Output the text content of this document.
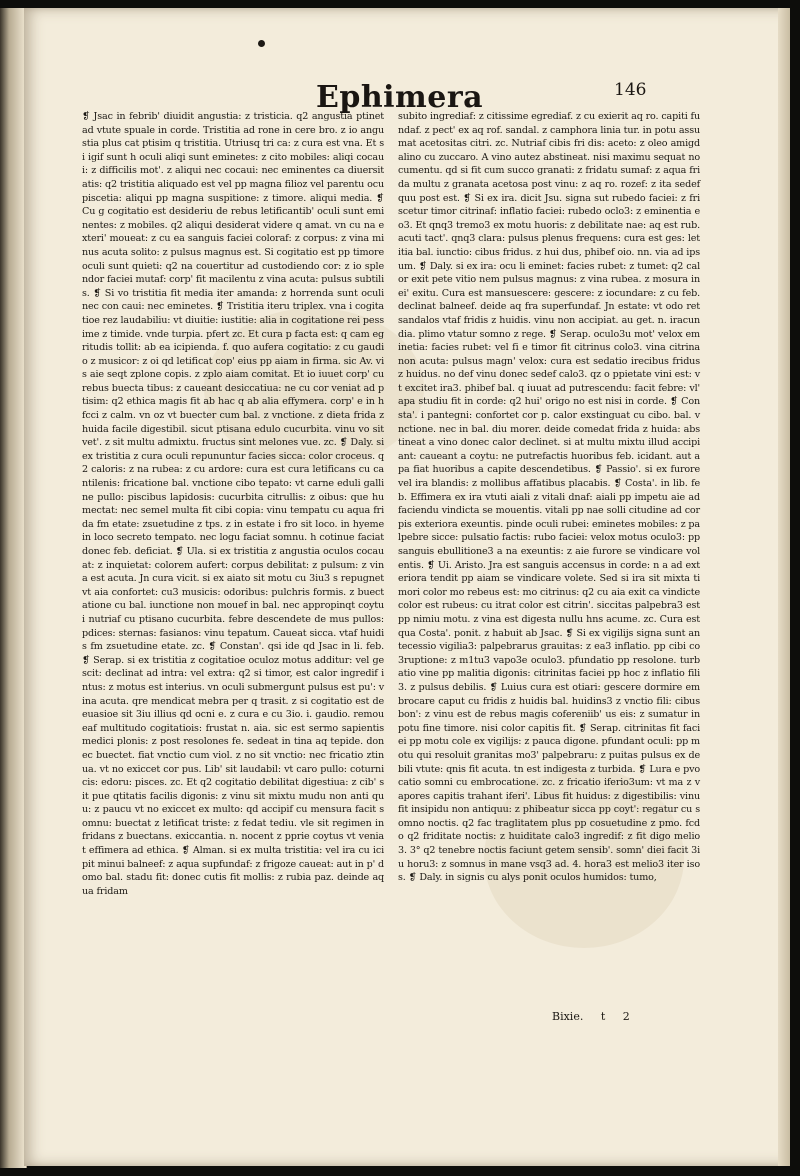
Ephimera	146
❡ Jsac in febrib' diuidit angustia: z tristicia. q2 angustia ptinet ad vtute spuale in corde. Tristitia ad rone in cere bro. z io angustia plus cat ptisim q tristitia. Utriusq tri ca: z cura est vna. Et si igif sunt h oculi aliqi sunt eminetes: z cito mobiles: aliqi cocaui: z difficilis mot'. z aliqui nec cocaui: nec eminentes ca diuersitatis: q2 tristitia aliquado est vel pp magna filioz vel parentu ocupiscetia: aliqui pp magna suspitione: z timore. aliqui media. ❡ Cu g cogitatio est desideriu de rebus letificantib' oculi sunt eminentes: z mobiles. q2 aliqui desiderat videre q amat. vn cu na exteri' moueat: z cu ea sanguis faciei coloraf: z corpus: z vina minus acuta solito: z pulsus magnus est. Si cogitatio est pp timore oculi sunt quieti: q2 na couertitur ad custodiendo cor: z io splendor faciei mutaf: corp' fit macilentu z vina acuta: pulsus subtilis. ❡ Si vo tristitia fit media iter amanda: z horrenda sunt oculi nec con caui: nec eminetes. ❡ Tristitia iteru triplex. vna i cogitatioe rez laudabiliu: vt diuitie: iustitie: alia in cogitatione rei pessime z timide. vnde turpia. pfert zc. Et cura p facta est: q cam egritudis tollit: ab ea icipienda. f. quo aufera cogitatio: z cu gaudio z musicor: z oi qd letificat cop' eius pp aiam in firma. sic Av. vis aie seqt zplone copis. z zplo aiam comitat. Et io iuuet corp' cu rebus buecta tibus: z caueant desiccatiua: ne cu cor veniat ad ptisim: q2 ethica magis fit ab hac q ab alia effymera. corp' e in h fcci z calm. vn oz vt buecter cum bal. z vnctione. z dieta frida z huida facile digestibil. sicut ptisana edulo cucurbita. vinu vo sit vet'. z sit multu admixtu. fructus sint melones vue. zc. ❡ Daly. si ex tristitia z cura oculi repununtur facies sicca: color croceus. q2 caloris: z na rubea: z cu ardore: cura est cura letificans cu cantilenis: fricatione bal. vnctione cibo tepato: vt carne eduli galline pullo: piscibus lapidosis: cucurbita citrullis: z oibus: que humectat: nec semel multa fit cibi copia: vinu tempatu cu aqua frida fm etate: zsuetudine z tps. z in estate i fro sit loco. in hyeme in loco secreto tempato. nec logu faciat somnu. h cotinue faciat donec feb. deficiat. ❡ Ula. si ex tristitia z angustia oculos cocauat: z inquietat: colorem aufert: corpus debilitat: z pulsum: z vina est acuta. Jn cura vicit. si ex aiato sit motu cu 3iu3 s repugnet vt aia confortet: cu3 musicis: odoribus: pulchris formis. z buectatione cu bal. iunctione non mouef in bal. nec appropinqt coytui nutriaf cu ptisano cucurbita. febre descendete de mus pullos: pdices: sternas: fasianos: vinu tepatum. Caueat sicca. vtaf huidis fm zsuetudine etate. zc. ❡ Constan'. qsi ide qd Jsac in li. feb. ❡ Serap. si ex tristitia z cogitatioe oculoz motus additur: vel gescit: declinat ad intra: vel extra: q2 si timor, est calor ingredif intus: z motus est interius. vn oculi submergunt pulsus est pu': vina acuta. qre mendicat mebra per q trasit. z si cogitatio est de euasioe sit 3iu illius qd ocni e. z cura e cu 3io. i. gaudio. remoueaf multitudo cogitatiois: frustat n. aia. sic est sermo sapientis medici plonis: z post resolones fe. sedeat in tina aq tepide. donec buectet. fiat vnctio cum viol. z no sit vnctio: nec fricatio ztinua. vt no exiccet cor pus. Lib' sit laudabil: vt caro pullo: coturnicis: edoru: pisces. zc. Et q2 cogitatio debilitat digestiua: z cib' sit pue qtitatis facilis digonis: z vinu sit mixtu mudu non anti quu: z paucu vt no exiccet ex multo: qd accipif cu mensura facit somnu: buectat z letificat triste: z fedat tediu. vle sit regimen in fridans z buectans. exiccantia. n. nocent z pprie coytus vt veniat effimera ad ethica. ❡ Alman. si ex multa tristitia: vel ira cu icipit minui balneef: z aqua supfundaf: z frigoze caueat: aut in p' domo bal. stadu fit: donec cutis fit mollis: z rubia paz. deinde aqua fridam
subito ingrediaf: z citissime egrediaf. z cu exierit aq ro. capiti fundaf. z pect' ex aq rof. sandal. z camphora linia tur. in potu assumat acetositas citri. zc. Nutriaf cibis fri dis: aceto: z oleo amigdalino cu zuccaro. A vino autez abstineat. nisi maximu sequat nocumentu. qd si fit cum succo granati: z fridatu sumaf: z aqua frida multu z granata acetosa post vinu: z aq ro. rozef: z ita sedef quu post est. ❡ Si ex ira. dicit Jsu. signa sut rubedo faciei: z fri scetur timor citrinaf: inflatio faciei: rubedo oclo3: z eminentia eo3. Et qnq3 tremo3 ex motu huoris: z debilitate nae: aq est rub. acuti tact'. qnq3 clara: pulsus plenus frequens: cura est ges: letitia bal. iunctio: cibus fridus. z hui dus, phibef oio. nn. via ad ipsum. ❡ Daly. si ex ira: ocu li eminet: facies rubet: z tumet: q2 calor exit pete vitio nem pulsus magnus: z vina rubea. z mosura in ei' exitu. Cura est mansuescere: gescere: z iocundare: z cu feb. declinat balneef. deide aq fra superfundaf. Jn estate: vt odo ret sandalos vtaf fridis z huidis. vinu non accipiat. au get. n. iracundia. plimo vtatur somno z rege. ❡ Serap. oculo3u mot' velox eminetia: facies rubet: vel fi e timor fit citrinus colo3. vina citrina non acuta: pulsus magn' velox: cura est sedatio irecibus fridus z huidus. no def vinu donec sedef calo3. qz o ppietate vini est: vt excitet ira3. phibef bal. q iuuat ad putrescendu: facit febre: vl' apa studiu fit in corde: q2 hui' origo no est nisi in corde. ❡ Consta'. i pantegni: confortet cor p. calor exstinguat cu cibo. bal. vnctione. nec in bal. diu morer. deide comedat frida z huida: abstineat a vino donec calor declinet. si at multu mixtu illud accipiant: caueant a coytu: ne putrefactis huoribus feb. icidant. aut apa fiat huoribus a capite descendetibus. ❡ Passio'. si ex furore vel ira blandis: z mollibus affatibus placabis. ❡ Costa'. in lib. feb. Effimera ex ira vtuti aiali z vitali dnaf: aiali pp impetu aie ad faciendu vindicta se mouentis. vitali pp nae solli citudine ad corpis exteriora exeuntis. pinde oculi rubei: eminetes mobiles: z palpebre sicce: pulsatio factis: rubo faciei: velox motus oculo3: pp sanguis ebullitione3 a na exeuntis: z aie furore se vindicare volentis. ❡ Ui. Aristo. Jra est sanguis accensus in corde: n a ad exteriora tendit pp aiam se vindicare volete. Sed si ira sit mixta timori color mo rebeus est: mo citrinus: q2 cu aia exit ca vindicte color est rubeus: cu itrat color est citrin'. siccitas palpebra3 est pp nimiu motu. z vina est digesta nullu hns acume. zc. Cura est qua Costa'. ponit. z habuit ab Jsac. ❡ Si ex vigilijs signa sunt antecessio vigilia3: palpebrarus grauitas: z ea3 inflatio. pp cibi co3ruptione: z m1tu3 vapo3e oculo3. pfundatio pp resolone. turbatio vine pp malitia digonis: citrinitas faciei pp hoc z inflatio fili3. z pulsus debilis. ❡ Luius cura est otiari: gescere dormire embrocare caput cu fridis z huidis bal. huidins3 z vnctio fili: cibus bon': z vinu est de rebus magis cofereniib' us eis: z sumatur in potu fine timore. nisi color capitis fit. ❡ Serap. citrinitas fit faciei pp motu cole ex vigilijs: z pauca digone. pfundant oculi: pp motu qui resoluit granitas mo3' palpebraru: z puitas pulsus ex debili vtute: qnis fit acuta. tn est indigesta z turbida. ❡ Lura e pvo catio somni cu embrocatione. zc. z fricatio iferio3um: vt ma z vapores capitis trahant iferi'. Libus fit huidus: z digestibilis: vinu fit insipidu non antiquu: z phibeatur sicca pp coyt': regatur cu somno noctis. q2 fac traglitatem plus pp cosuetudine z pmo. fcdo q2 friditate noctis: z huiditate calo3 ingredif: z fit digo melio3. 3° q2 tenebre noctis faciunt getem sensib'. somn' diei facit 3iu horu3: z somnus in mane vsq3 ad. 4. hora3 est melio3 iter isos. ❡ Daly. in signis cu alys ponit oculos humidos: tumo,
Bixie. t 2
